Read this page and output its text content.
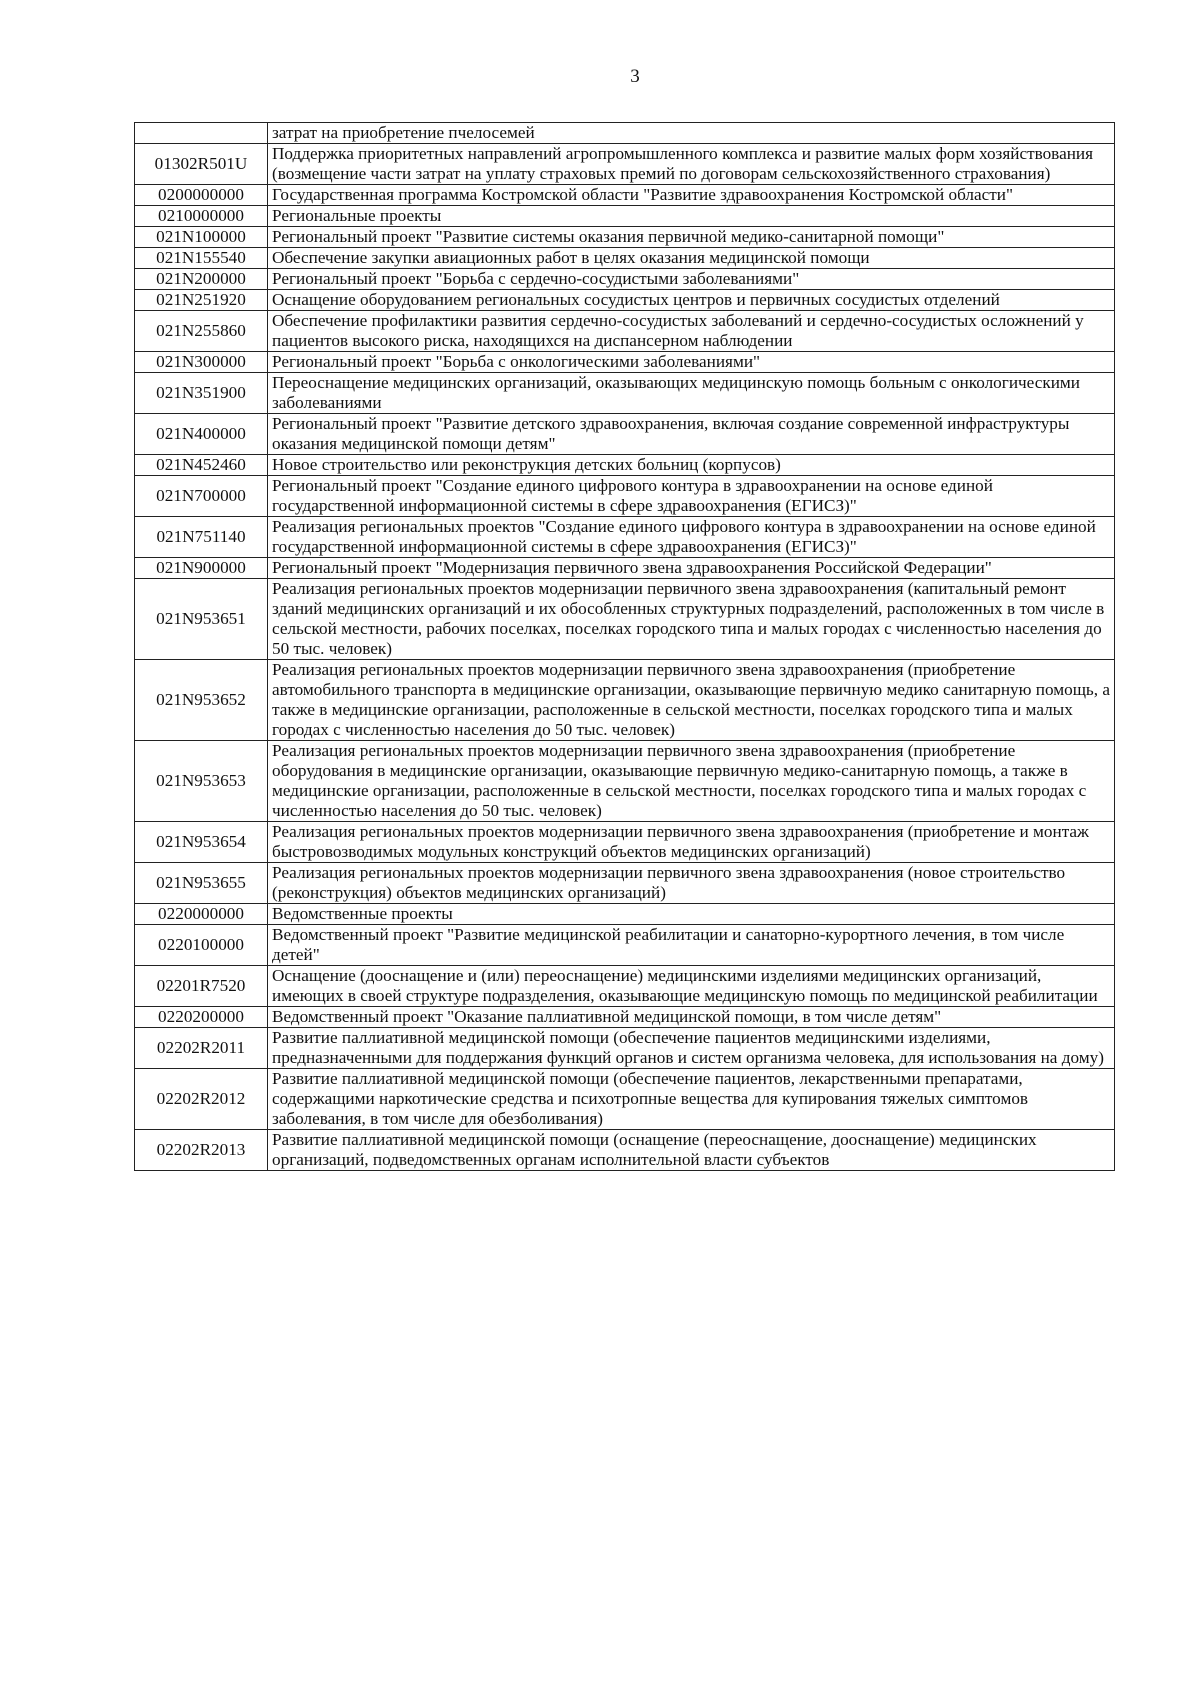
3
	затрат на приобретение пчелосемей
01302R501U	Поддержка приоритетных направлений агропромышленного комплекса и развитие малых форм хозяйствования (возмещение части затрат на уплату страховых премий по договорам сельскохозяйственного страхования)
0200000000	Государственная программа Костромской области "Развитие здравоохранения Костромской области"
0210000000	Региональные проекты
021N100000	Региональный проект "Развитие системы оказания первичной медико-санитарной помощи"
021N155540	Обеспечение закупки авиационных работ в целях оказания медицинской помощи
021N200000	Региональный проект "Борьба с сердечно-сосудистыми заболеваниями"
021N251920	Оснащение оборудованием региональных сосудистых центров и первичных сосудистых отделений
021N255860	Обеспечение профилактики развития сердечно-сосудистых заболеваний и сердечно-сосудистых осложнений у пациентов высокого риска, находящихся на диспансерном наблюдении
021N300000	Региональный проект "Борьба с онкологическими заболеваниями"
021N351900	Переоснащение медицинских организаций, оказывающих медицинскую помощь больным с онкологическими заболеваниями
021N400000	Региональный проект "Развитие детского здравоохранения, включая создание современной инфраструктуры оказания медицинской помощи детям"
021N452460	Новое строительство или реконструкция детских больниц (корпусов)
021N700000	Региональный проект "Создание единого цифрового контура в здравоохранении на основе единой государственной информационной системы в сфере здравоохранения (ЕГИСЗ)"
021N751140	Реализация региональных проектов "Создание единого цифрового контура в здравоохранении на основе единой государственной информационной системы в сфере здравоохранения (ЕГИСЗ)"
021N900000	Региональный проект "Модернизация первичного звена здравоохранения Российской Федерации"
021N953651	Реализация региональных проектов модернизации первичного звена здравоохранения (капитальный ремонт зданий медицинских организаций и их обособленных структурных подразделений, расположенных в том числе в сельской местности, рабочих поселках, поселках городского типа и малых городах с численностью населения до 50 тыс. человек)
021N953652	Реализация региональных проектов модернизации первичного звена здравоохранения (приобретение автомобильного транспорта в медицинские организации, оказывающие первичную медико санитарную помощь, а также в медицинские организации, расположенные в сельской местности, поселках городского типа и малых городах с численностью населения до 50 тыс. человек)
021N953653	Реализация региональных проектов модернизации первичного звена здравоохранения (приобретение оборудования в медицинские организации, оказывающие первичную медико-санитарную помощь, а также в медицинские организации, расположенные в сельской местности, поселках городского типа и малых городах с численностью населения до 50 тыс. человек)
021N953654	Реализация региональных проектов модернизации первичного звена здравоохранения (приобретение и монтаж быстровозводимых модульных конструкций объектов медицинских организаций)
021N953655	Реализация региональных проектов модернизации первичного звена здравоохранения (новое строительство (реконструкция) объектов медицинских организаций)
0220000000	Ведомственные проекты
0220100000	Ведомственный проект "Развитие медицинской реабилитации и санаторно-курортного лечения, в том числе детей"
02201R7520	Оснащение (дооснащение и (или) переоснащение) медицинскими изделиями медицинских организаций, имеющих в своей структуре подразделения, оказывающие медицинскую помощь по медицинской реабилитации
0220200000	Ведомственный проект "Оказание паллиативной медицинской помощи, в том числе детям"
02202R2011	Развитие паллиативной медицинской помощи (обеспечение пациентов медицинскими изделиями, предназначенными для поддержания функций органов и систем организма человека, для использования на дому)
02202R2012	Развитие паллиативной медицинской помощи (обеспечение пациентов, лекарственными препаратами, содержащими наркотические средства и психотропные вещества для купирования тяжелых симптомов заболевания, в том числе для обезболивания)
02202R2013	Развитие паллиативной медицинской помощи (оснащение (переоснащение, дооснащение) медицинских организаций, подведомственных органам исполнительной власти субъектов
